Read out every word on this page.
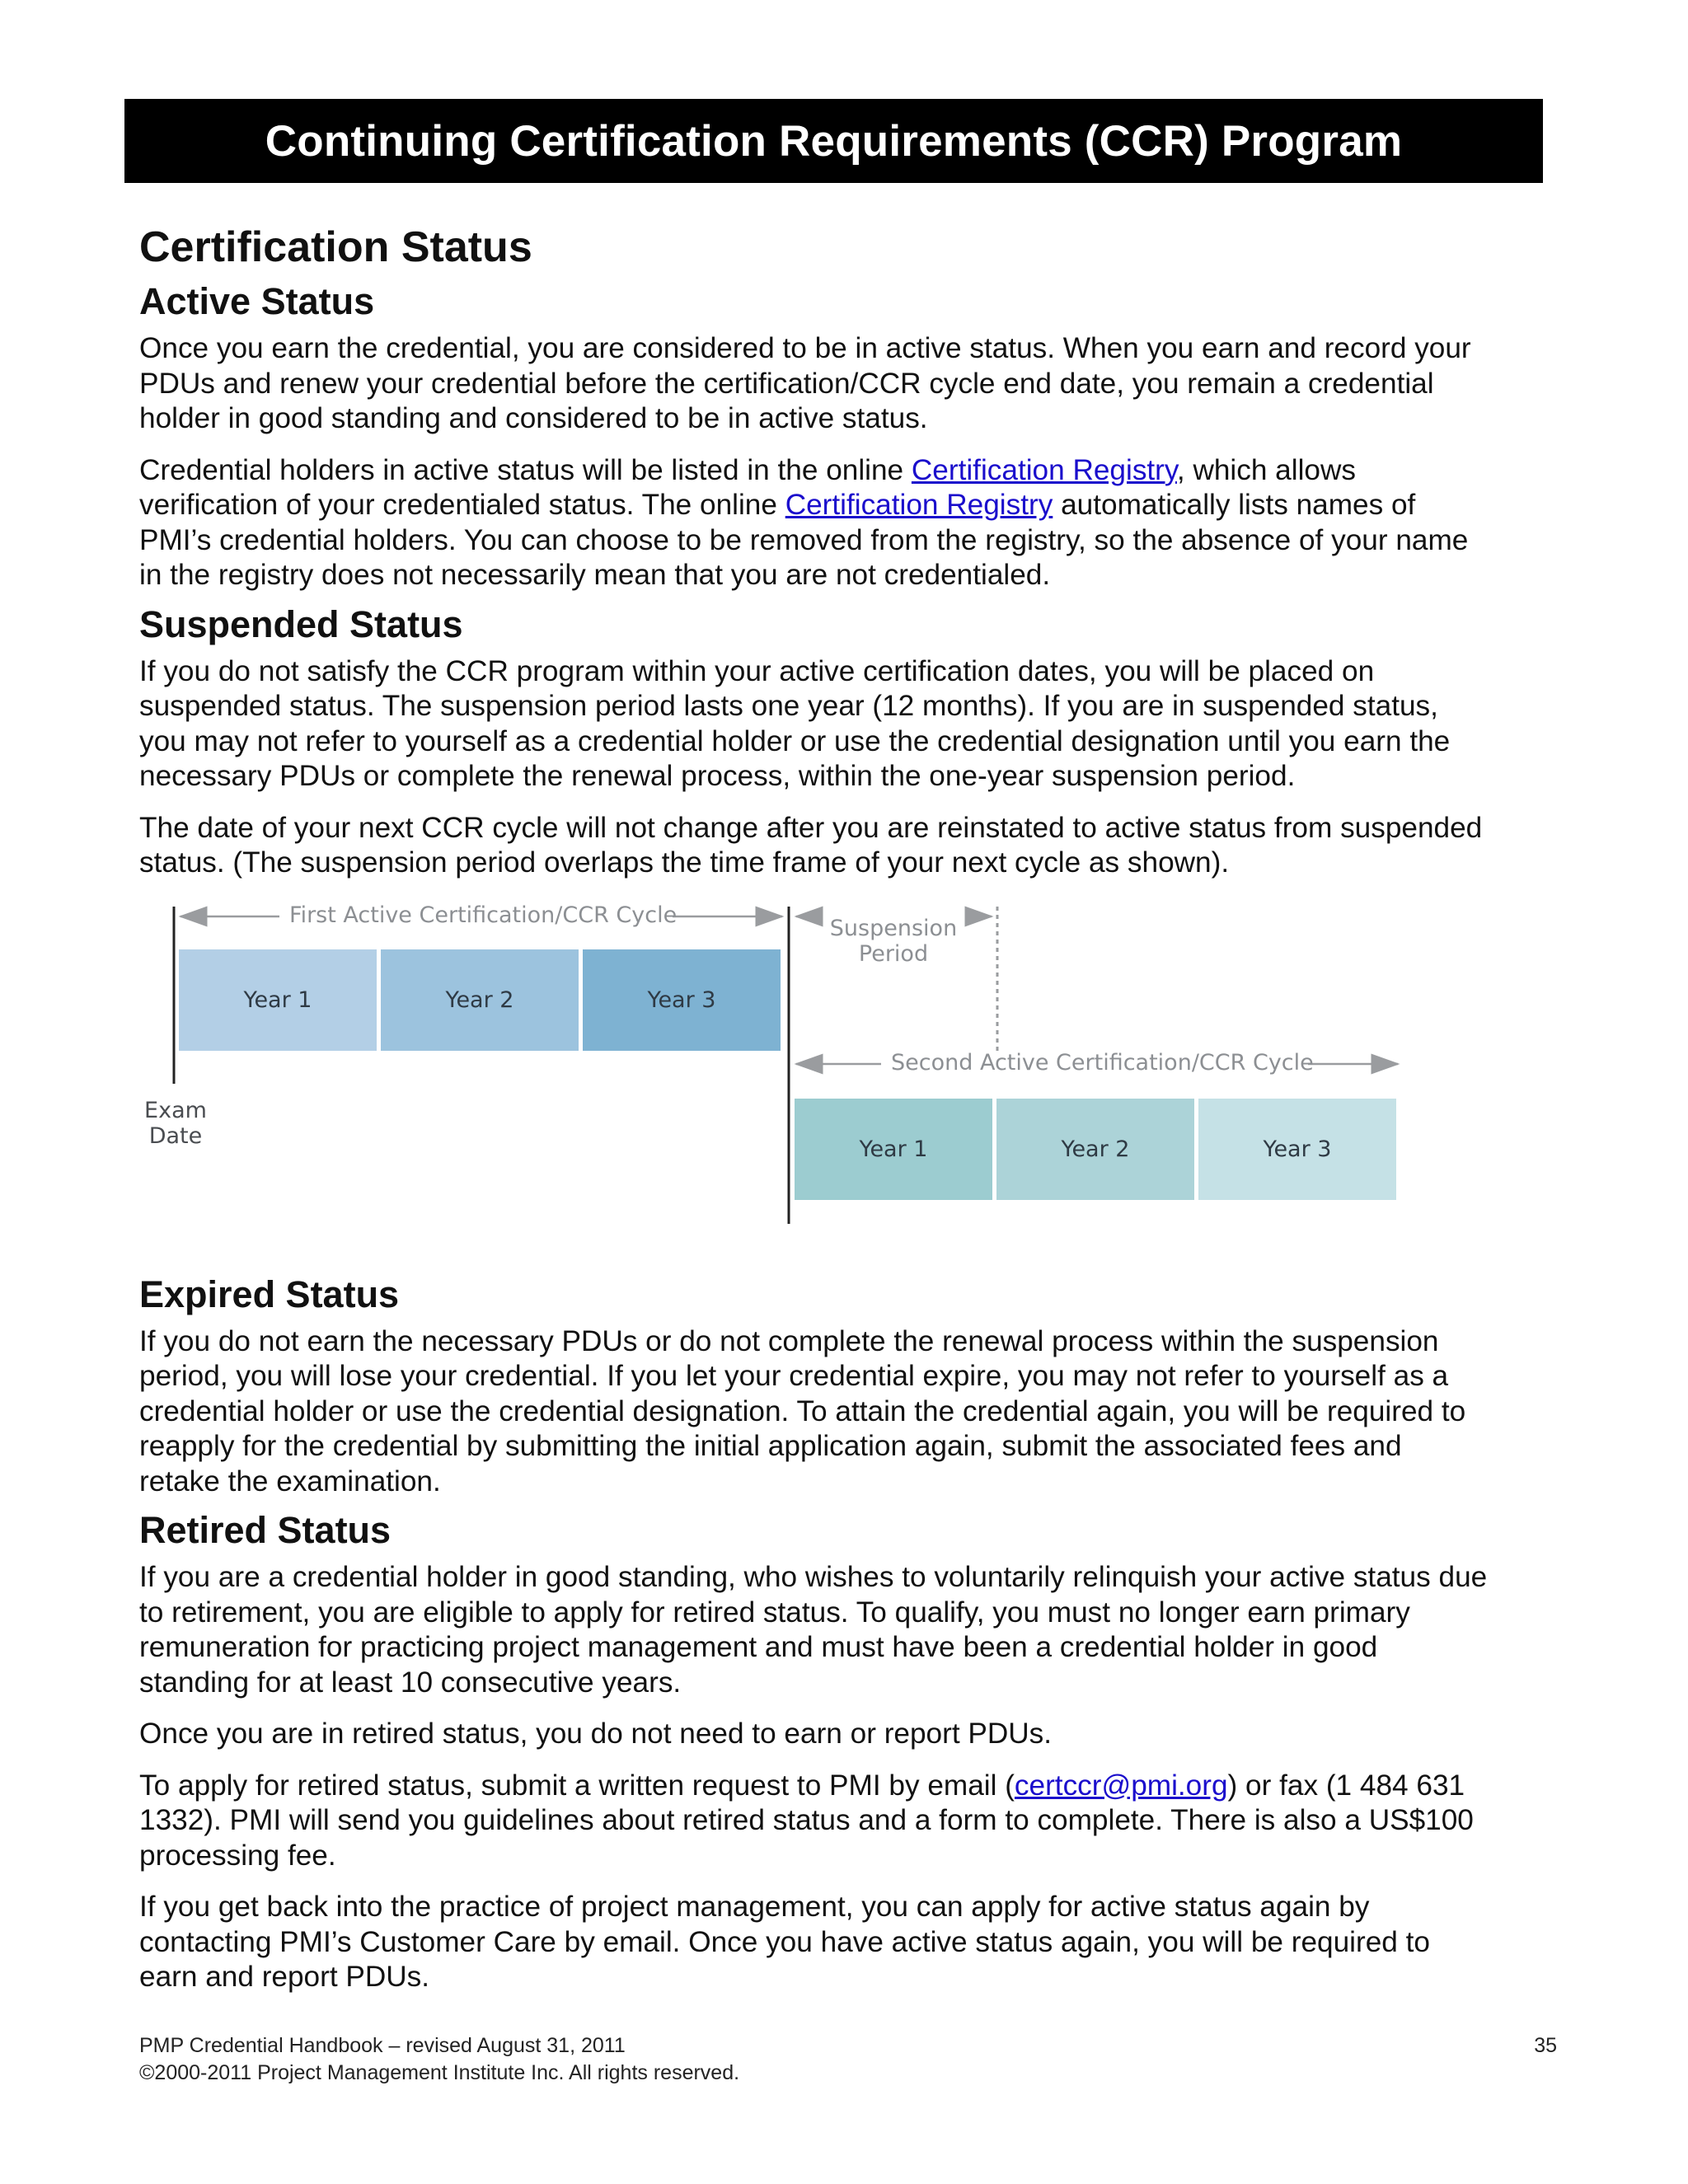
Continuing Certification Requirements (CCR) Program
Certification Status
Active Status

Once you earn the credential, you are considered to be in active status. When you earn and record your
PDUs and renew your credential before the certification/CCR cycle end date, you remain a credential
holder in good standing and considered to be in active status.

Credential holders in active status will be listed in the online Certification Registry, which allows
verification of your credentialed status. The online Certification Registry automatically lists names of
PMI’s credential holders. You can choose to be removed from the registry, so the absence of your name
in the registry does not necessarily mean that you are not credentialed.

Suspended Status

If you do not satisfy the CCR program within your active certification dates, you will be placed on
suspended status. The suspension period lasts one year (12 months). If you are in suspended status,
you may not refer to yourself as a credential holder or use the credential designation until you earn the
necessary PDUs or complete the renewal process, within the one-year suspension period.

The date of your next CCR cycle will not change after you are reinstated to active status from suspended
status. (The suspension period overlaps the time frame of your next cycle as shown).

First Active Certification/CCR Cycle
Suspension
Period
Second Active Certification/CCR Cycle
Exam
Date
Year 1	Year 2	Year 3
Year 1	Year 2	Year 3
Expired Status

If you do not earn the necessary PDUs or do not complete the renewal process within the suspension
period, you will lose your credential. If you let your credential expire, you may not refer to yourself as a
credential holder or use the credential designation. To attain the credential again, you will be required to
reapply for the credential by submitting the initial application again, submit the associated fees and
retake the examination.

Retired Status

If you are a credential holder in good standing, who wishes to voluntarily relinquish your active status due
to retirement, you are eligible to apply for retired status. To qualify, you must no longer earn primary
remuneration for practicing project management and must have been a credential holder in good
standing for at least 10 consecutive years.

Once you are in retired status, you do not need to earn or report PDUs.

To apply for retired status, submit a written request to PMI by email (certccr@pmi.org) or fax (1 484 631
1332). PMI will send you guidelines about retired status and a form to complete. There is also a US$100
processing fee.

If you get back into the practice of project management, you can apply for active status again by
contacting PMI’s Customer Care by email. Once you have active status again, you will be required to
earn and report PDUs.

PMP Credential Handbook – revised August 31, 2011
©2000-2011 Project Management Institute Inc. All rights reserved.
35
